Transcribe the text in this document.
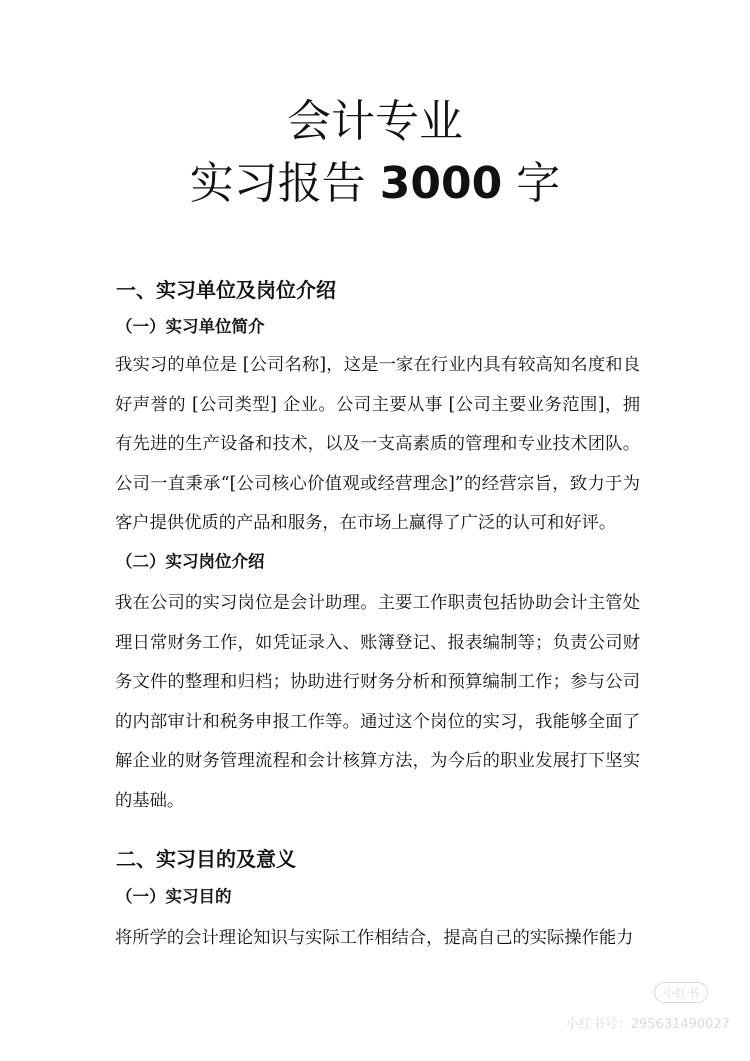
会计专业
实习报告 3000 字
一、实习单位及岗位介绍
（一）实习单位简介
我实习的单位是 [公司名称]，这是一家在行业内具有较高知名度和良好声誉的 [公司类型] 企业。公司主要从事 [公司主要业务范围]，拥有先进的生产设备和技术，以及一支高素质的管理和专业技术团队。公司一直秉承“[公司核心价值观或经营理念]”的经营宗旨，致力于为客户提供优质的产品和服务，在市场上赢得了广泛的认可和好评。
（二）实习岗位介绍
我在公司的实习岗位是会计助理。主要工作职责包括协助会计主管处理日常财务工作，如凭证录入、账簿登记、报表编制等；负责公司财务文件的整理和归档；协助进行财务分析和预算编制工作；参与公司的内部审计和税务申报工作等。通过这个岗位的实习，我能够全面了解企业的财务管理流程和会计核算方法，为今后的职业发展打下坚实的基础。
二、实习目的及意义
（一）实习目的
将所学的会计理论知识与实际工作相结合，提高自己的实际操作能力
小红书
小红书号：2956314900​27
